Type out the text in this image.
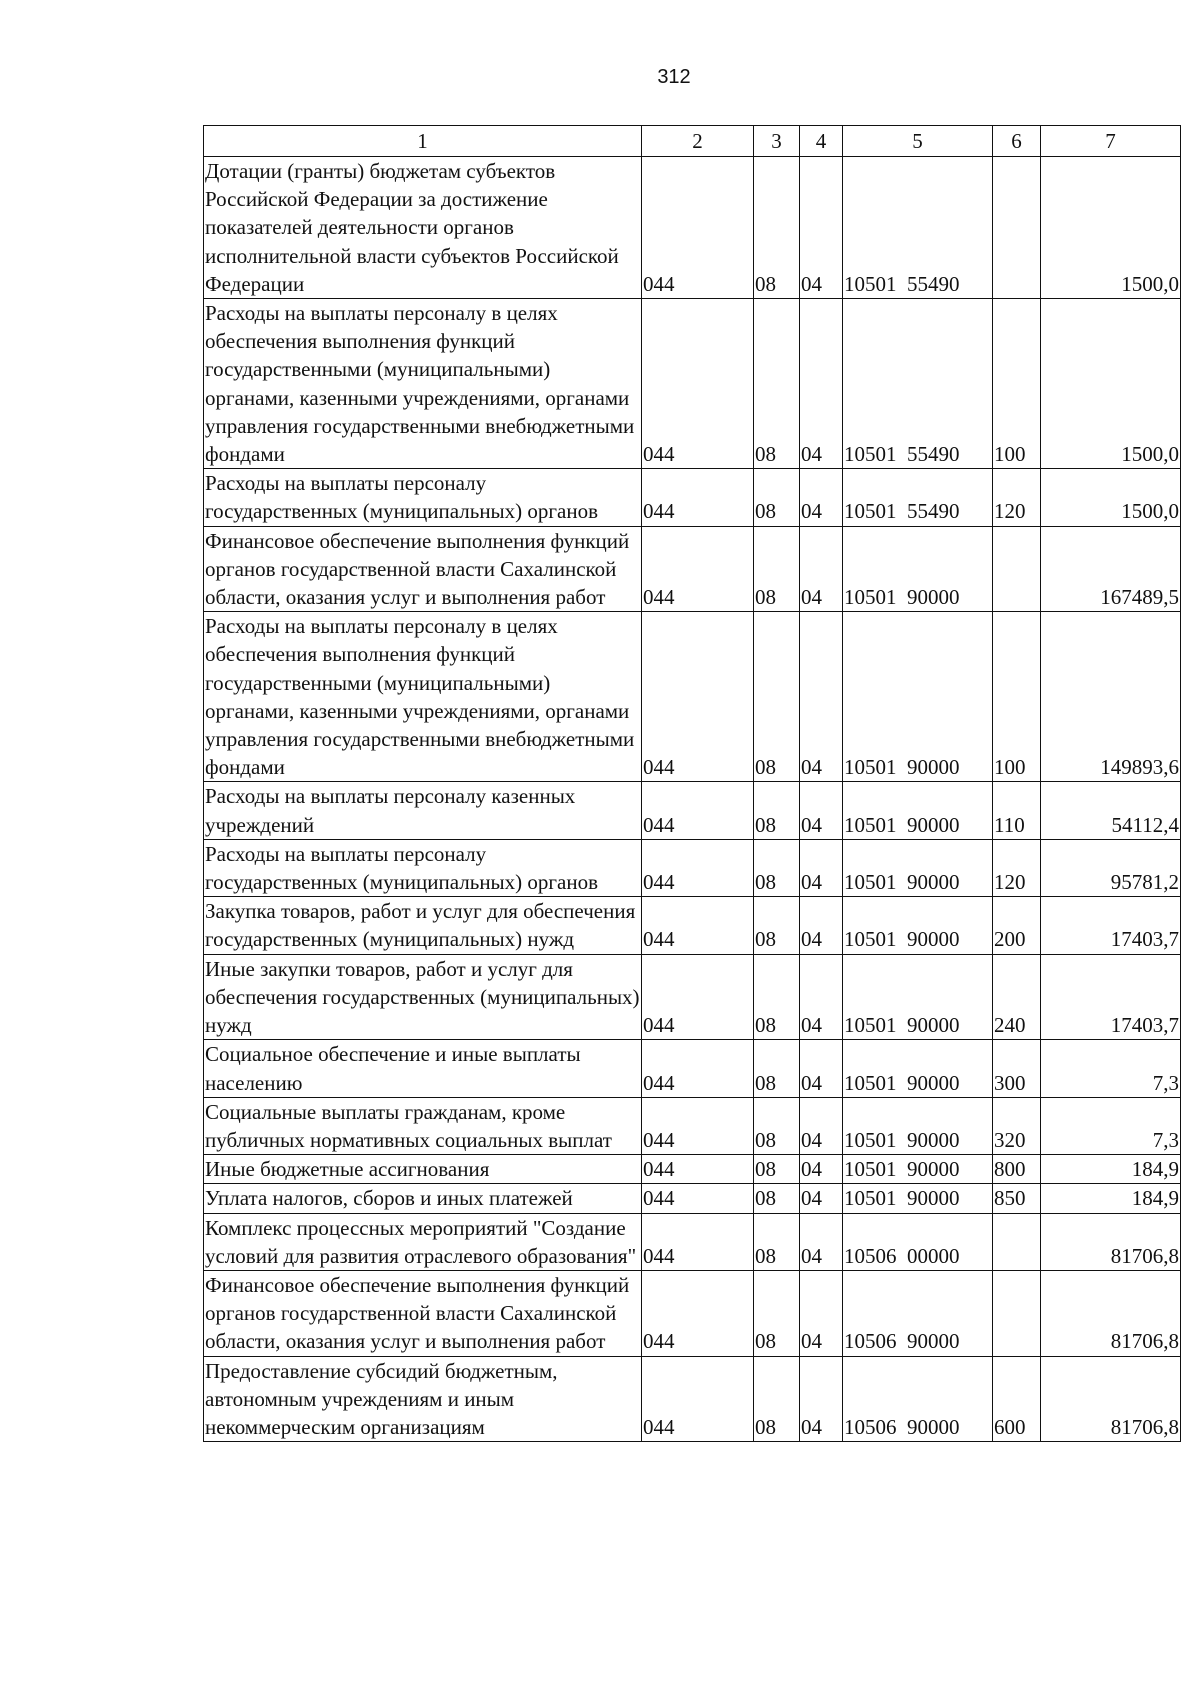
312
1	2	3	4	5	6	7
Дотации (гранты) бюджетам субъектов Российской Федерации за достижение показателей деятельности органов исполнительной власти субъектов Российской Федерации	044	08	04	10501  55490		1500,0
Расходы на выплаты персоналу в целях обеспечения выполнения функций государственными (муниципальными) органами, казенными учреждениями, органами управления государственными внебюджетными фондами	044	08	04	10501  55490	100	1500,0
Расходы на выплаты персоналу государственных (муниципальных) органов	044	08	04	10501  55490	120	1500,0
Финансовое обеспечение выполнения функций органов государственной власти Сахалинской области, оказания услуг и выполнения работ	044	08	04	10501  90000		167489,5
Расходы на выплаты персоналу в целях обеспечения выполнения функций государственными (муниципальными) органами, казенными учреждениями, органами управления государственными внебюджетными фондами	044	08	04	10501  90000	100	149893,6
Расходы на выплаты персоналу казенных учреждений	044	08	04	10501  90000	110	54112,4
Расходы на выплаты персоналу государственных (муниципальных) органов	044	08	04	10501  90000	120	95781,2
Закупка товаров, работ и услуг для обеспечения государственных (муниципальных) нужд	044	08	04	10501  90000	200	17403,7
Иные закупки товаров, работ и услуг для обеспечения государственных (муниципальных) нужд	044	08	04	10501  90000	240	17403,7
Социальное обеспечение и иные выплаты населению	044	08	04	10501  90000	300	7,3
Социальные выплаты гражданам, кроме публичных нормативных социальных выплат	044	08	04	10501  90000	320	7,3
Иные бюджетные ассигнования	044	08	04	10501  90000	800	184,9
Уплата налогов, сборов и иных платежей	044	08	04	10501  90000	850	184,9
Комплекс процессных мероприятий "Создание условий для развития отраслевого образования"	044	08	04	10506  00000		81706,8
Финансовое обеспечение выполнения функций органов государственной власти Сахалинской области, оказания услуг и выполнения работ	044	08	04	10506  90000		81706,8
Предоставление субсидий бюджетным, автономным учреждениям и иным некоммерческим организациям	044	08	04	10506  90000	600	81706,8
